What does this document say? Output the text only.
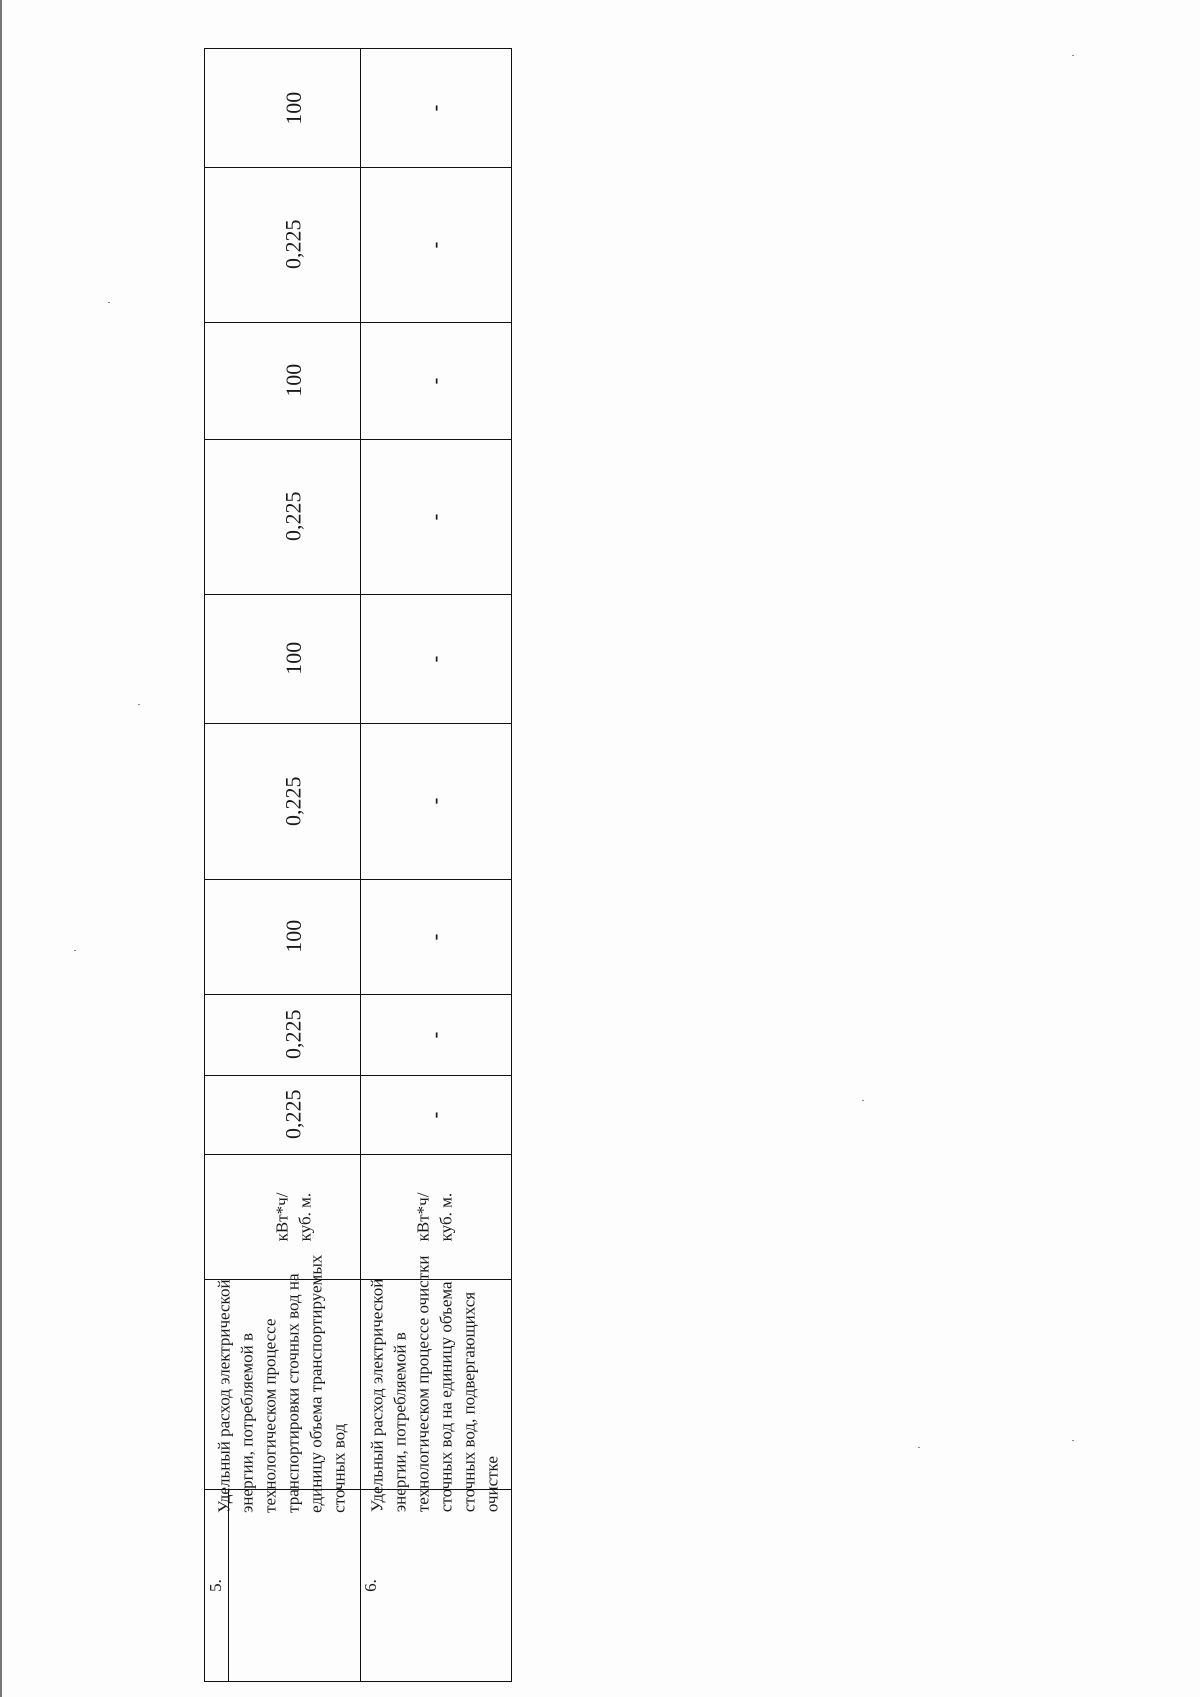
100
0,225
100
0,225
100
0,225
100
0,225
0,225
кВт*ч/ куб. м.
Удельный расход электрической энергии, потребляемой в технологическом процессе транспортировки сточных вод на единицу объема транспортируемых сточных вод
5.
-
-
-
-
-
-
-
-
-
кВт*ч/ куб. м.
Удельный расход электрической энергии, потребляемой в технологическом процессе очистки сточных вод на единицу объема сточных вод, подвергающихся очистке
6.
